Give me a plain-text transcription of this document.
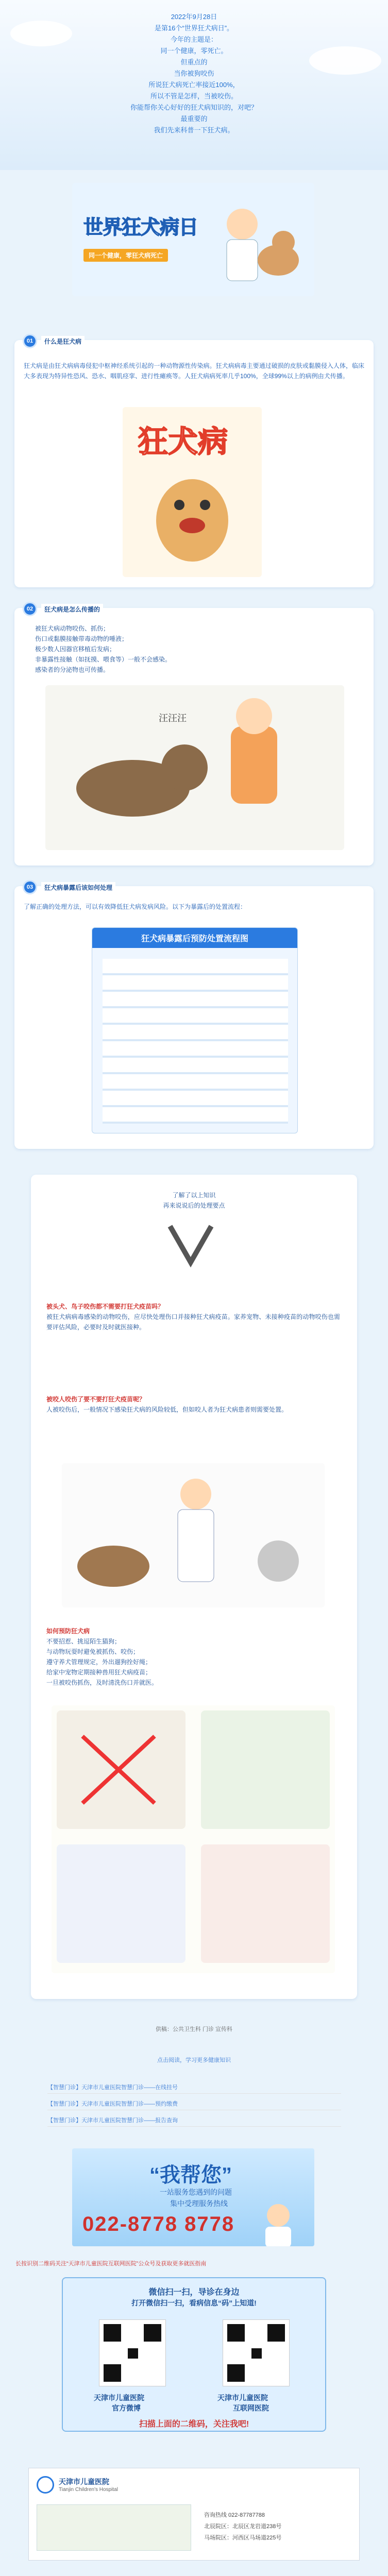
2022年9月28日

是第16个“世界狂犬病日”。

今年的主题是：

同一个健康，零死亡。

但重点的

当你被狗咬伤

所说狂犬病死亡率接近100%，

所以不管是怎样，当被咬伤。

你能帮你关心好好的狂犬病知识的，对吧？

最重要的

我们先来科普一下狂犬病。

世界狂犬病日
同一个健康，零狂犬病死亡
01	什么是狂犬病
狂犬病是由狂犬病病毒侵犯中枢神经系统引起的一种动物源性传染病。狂犬病病毒主要通过破损的皮肤或黏膜侵入人体，临床大多表现为特异性恐风、恐水、咽肌痉挛、进行性瘫痪等。人狂犬病病死率几乎100%，全球99%以上的病例由犬传播。
狂犬病
02	狂犬病是怎么传播的
被狂犬病动物咬伤、抓伤；
伤口或黏膜接触带毒动物的唾液；
极少数人因器官移植后发病；
非暴露性接触（如抚摸、喂食等）一般不会感染。
感染者的分泌物也可传播。
汪汪汪
03	狂犬病暴露后该如何处理
了解正确的处理方法，可以有效降低狂犬病发病风险。以下为暴露后的处置流程：
狂犬病暴露后预防处置流程图
了解了以上知识
再来说说后的处理要点
被头犬、鸟子咬伤都不需要打狂犬疫苗吗？
被狂犬病病毒感染的动物咬伤，应尽快处理伤口并接种狂犬病疫苗。家养宠物、未接种疫苗的动物咬伤也需要评估风险，必要时及时就医接种。
被咬人咬伤了要不要打狂犬疫苗呢？
人被咬伤后，一般情况下感染狂犬病的风险较低，但如咬人者为狂犬病患者则需要处置。
如何预防狂犬病
不要招惹、挑逗陌生猫狗；
与动物玩耍时避免被抓伤、咬伤；
遵守养犬管理规定，外出遛狗拴好绳；
给家中宠物定期接种兽用狂犬病疫苗；
一旦被咬伤抓伤，及时清洗伤口并就医。
供稿：公共卫生科 门诊 宣传科
点击阅读，学习更多健康知识
【智慧门诊】天津市儿童医院智慧门诊——在线挂号
【智慧门诊】天津市儿童医院智慧门诊——预约缴费
【智慧门诊】天津市儿童医院智慧门诊——报告查询
“我帮您”
一站服务您遇到的问题
集中受理服务热线
022-8778 8778
长按识别二维码关注“天津市儿童医院互联网医院”公众号及获取更多就医指南
微信扫一扫，导诊在身边
打开微信扫一扫，看病信息“码”上知道!
天津市儿童医院
官方微博
天津市儿童医院
互联网医院
扫描上面的二维码，关注我吧!
天津市儿童医院
Tianjin Children's Hospital
咨询热线 022-87787788
北辰院区：北辰区龙岩道238号
马场院区：河西区马场道225号
